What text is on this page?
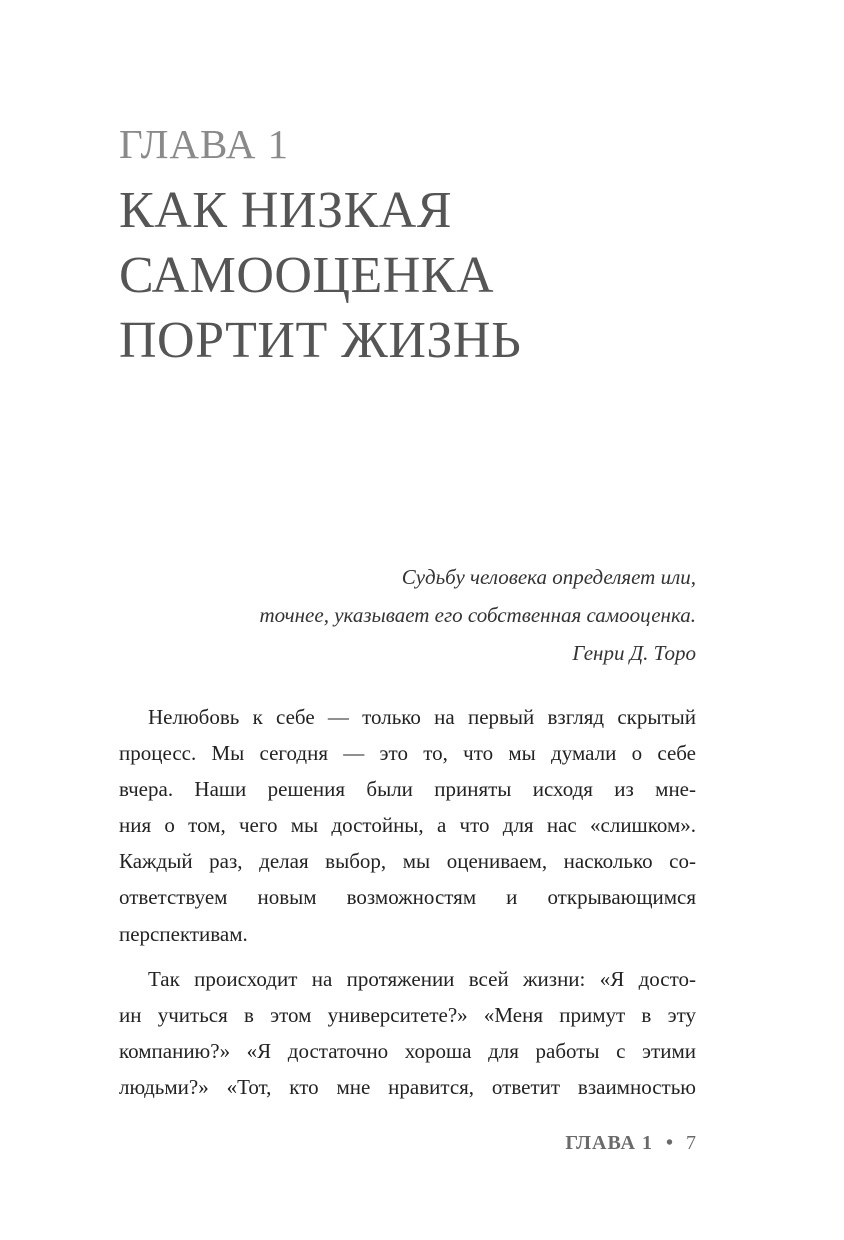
ГЛАВА 1
КАК НИЗКАЯ
САМООЦЕНКА
ПОРТИТ ЖИЗНЬ
Судьбу человека определяет или,
точнее, указывает его собственная самооценка.
Генри Д. Торо

Нелюбовь к себе — только на первый взгляд скрытый
процесс. Мы сегодня — это то, что мы думали о себе
вчера. Наши решения были приняты исходя из мне-
ния о том, чего мы достойны, а что для нас «слишком».
Каждый раз, делая выбор, мы оцениваем, насколько со-
ответствуем новым возможностям и открывающимся
перспективам.

Так происходит на протяжении всей жизни: «Я досто-
ин учиться в этом университете?» «Меня примут в эту
компанию?» «Я достаточно хороша для работы с этими
людьми?» «Тот, кто мне нравится, ответит взаимностью

ГЛАВА 1 • 7
